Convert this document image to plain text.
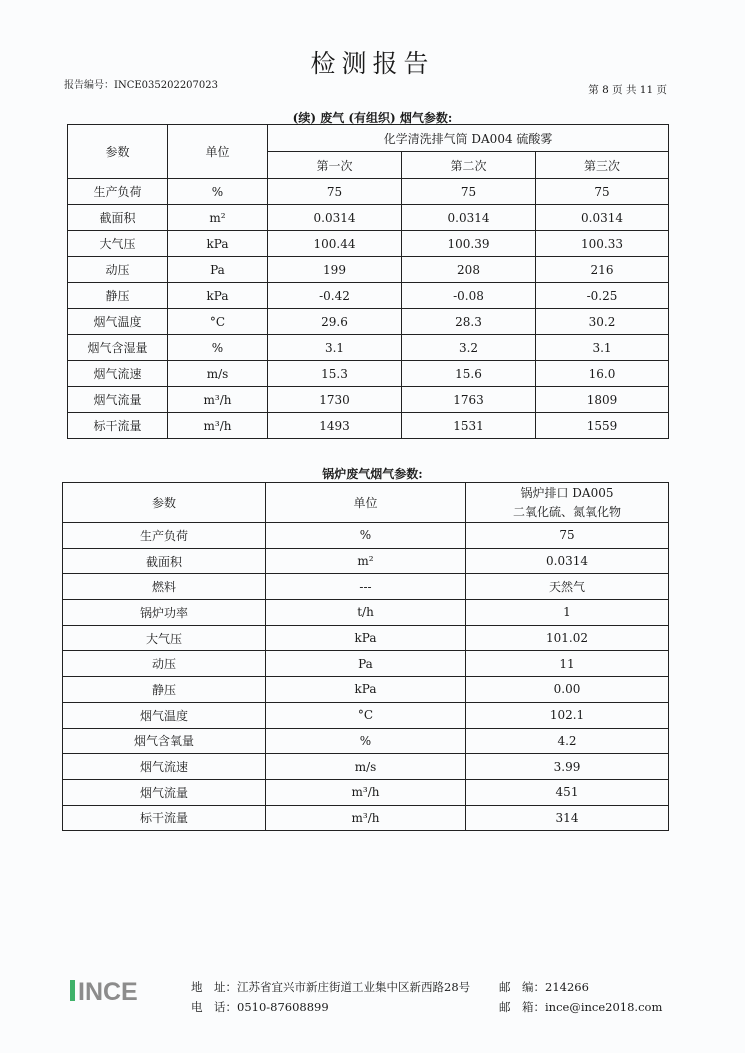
检测报告
报告编号：INCE035202207023	第 8 页 共 11 页
(续) 废气 (有组织) 烟气参数:
参数	单位	化学清洗排气筒 DA004 硫酸雾		
		第一次	第二次	第三次
生产负荷	%	75	75	75
截面积	m²	0.0314	0.0314	0.0314
大气压	kPa	100.44	100.39	100.33
动压	Pa	199	208	216
静压	kPa	-0.42	-0.08	-0.25
烟气温度	°C	29.6	28.3	30.2
烟气含湿量	%	3.1	3.2	3.1
烟气流速	m/s	15.3	15.6	16.0
烟气流量	m³/h	1730	1763	1809
标干流量	m³/h	1493	1531	1559
锅炉废气烟气参数:
参数	单位	锅炉排口 DA005
二氧化硫、氮氧化物

生产负荷	%	75
截面积	m²	0.0314
燃料	---	天然气
锅炉功率	t/h	1
大气压	kPa	101.02
动压	Pa	11
静压	kPa	0.00
烟气温度	°C	102.1
烟气含氧量	%	4.2
烟气流速	m/s	3.99
烟气流量	m³/h	451
标干流量	m³/h	314
INCE	地　址：江苏省宜兴市新庄街道工业集中区新西路28号	邮　编：214266
电　话：0510-87608899	邮　箱：ince@ince2018.com
